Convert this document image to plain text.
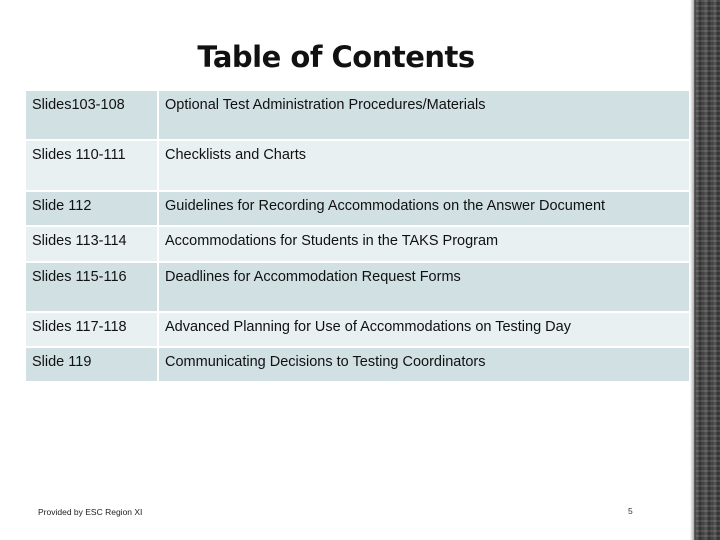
Table of Contents
Slides103-108	Optional Test Administration Procedures/Materials

Slides 110-111	Checklists and Charts

Slide 112	Guidelines for Recording Accommodations on the Answer Document

Slides 113-114	Accommodations for Students in the TAKS Program

Slides 115-116	Deadlines for Accommodation Request Forms

Slides 117-118	Advanced Planning for Use of Accommodations on Testing Day

Slide 119	Communicating Decisions to Testing Coordinators
Provided by ESC Region XI	5
